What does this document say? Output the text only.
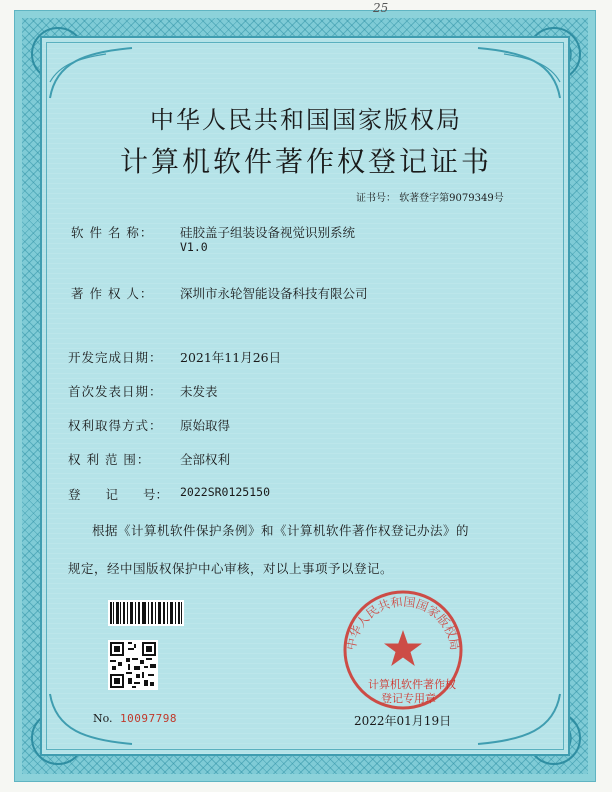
25
中华人民共和国国家版权局
计算机软件著作权登记证书
证书号： 软著登字第9079349号
软 件 名 称： 硅胶盖子组装设备视觉识别系统
V1.0
著 作 权 人： 深圳市永轮智能设备科技有限公司
开发完成日期： 2021年11月26日
首次发表日期： 未发表
权利取得方式： 原始取得
权 利 范 围： 全部权利
登　　记　　号： 2022SR0125150
根据《计算机软件保护条例》和《计算机软件著作权登记办法》的
规定，经中国版权保护中心审核，对以上事项予以登记。
No. 10097798
中华人民共和国国家版权局
计算机软件著作权
登记专用章
2022年01月19日
